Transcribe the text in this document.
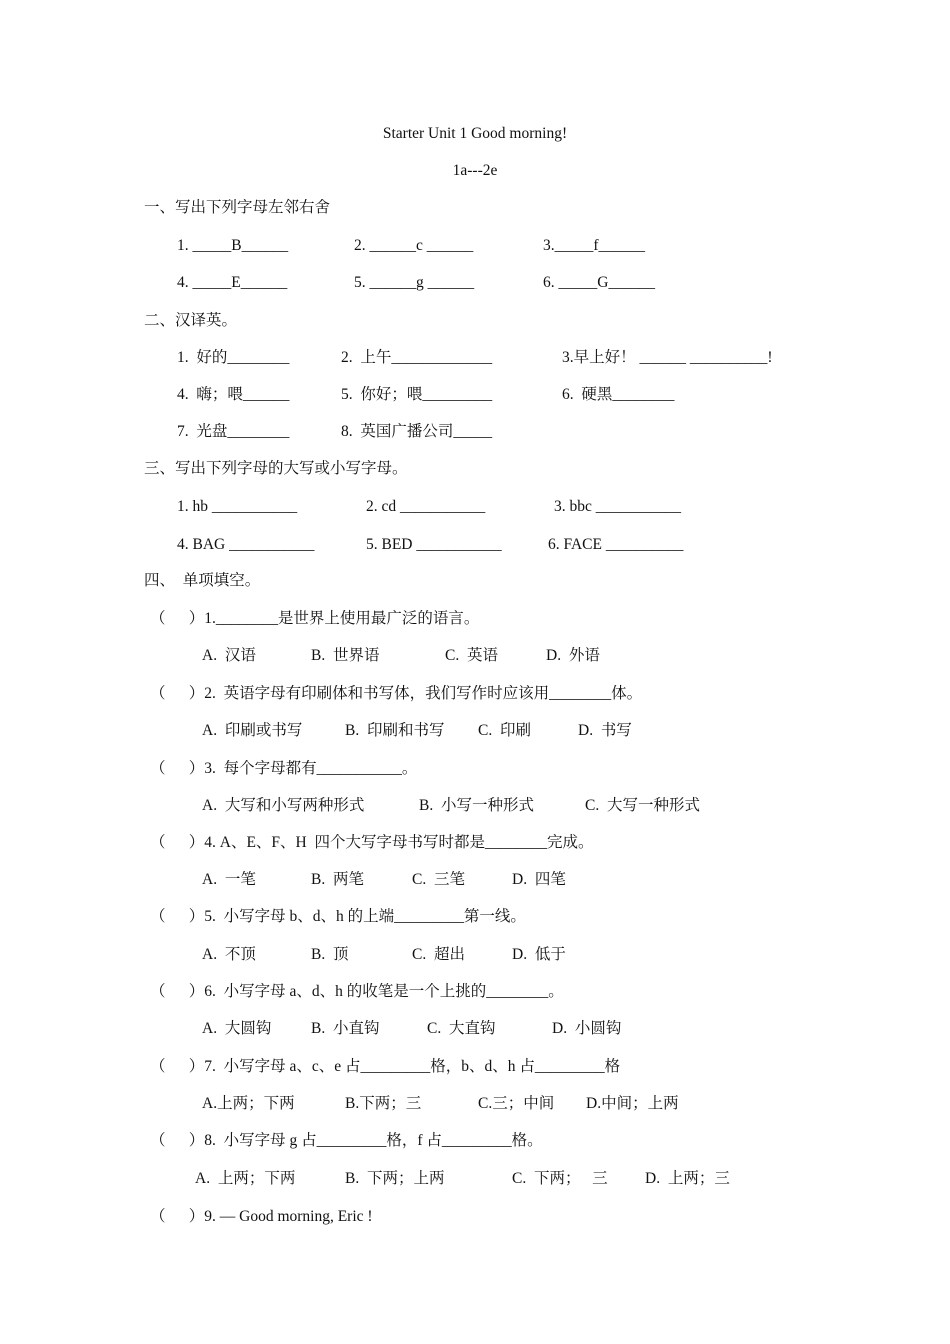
Starter Unit 1 Good morning!
1a---2e
一、写出下列字母左邻右舍
1. _____B______	2. ______c ______	3._____f______
4. _____E______	5. ______g ______	6. _____G______
二、汉译英。
1.  好的________	2.  上午_____________	3.早上好！ ______ __________!
4.  嗨；喂______	5.  你好；喂_________	6.  硬黑________
7.  光盘________	8.  英国广播公司_____
三、写出下列字母的大写或小写字母。
1. hb ___________	2. cd ___________	3. bbc ___________
4. BAG ___________	5. BED ___________	6. FACE __________
四、  单项填空。
（      ）1.________是世界上使用最广泛的语言。
A.  汉语	B.  世界语	C.  英语	D.  外语
（      ）2.  英语字母有印刷体和书写体，我们写作时应该用________体。
A.  印刷或书写	B.  印刷和书写 C.  印刷	D.  书写
（      ）3.  每个字母都有___________。
A.  大写和小写两种形式	B.  小写一种形式	C.  大写一种形式
（      ）4. A、E、F、H  四个大写字母书写时都是________完成。
A.  一笔	B.  两笔	C.  三笔	D.  四笔
（      ）5.  小写字母 b、d、h 的上端_________第一线。
A.  不顶	B.  顶	C.  超出	D.  低于
（      ）6.  小写字母 a、d、h 的收笔是一个上挑的________。
A.  大圆钩	B.  小直钩	C.  大直钩	D.  小圆钩
（      ）7.  小写字母 a、c、e 占_________格，b、d、h 占_________格
A.上两；下两	B.下两；三	C.三；中间 D.中间；上两
（      ）8.  小写字母 g 占_________格，f 占_________格。
A.  上两；下两	B.  下两；上两	C.  下两；   三 D.  上两；三
（      ）9. — Good morning, Eric !
